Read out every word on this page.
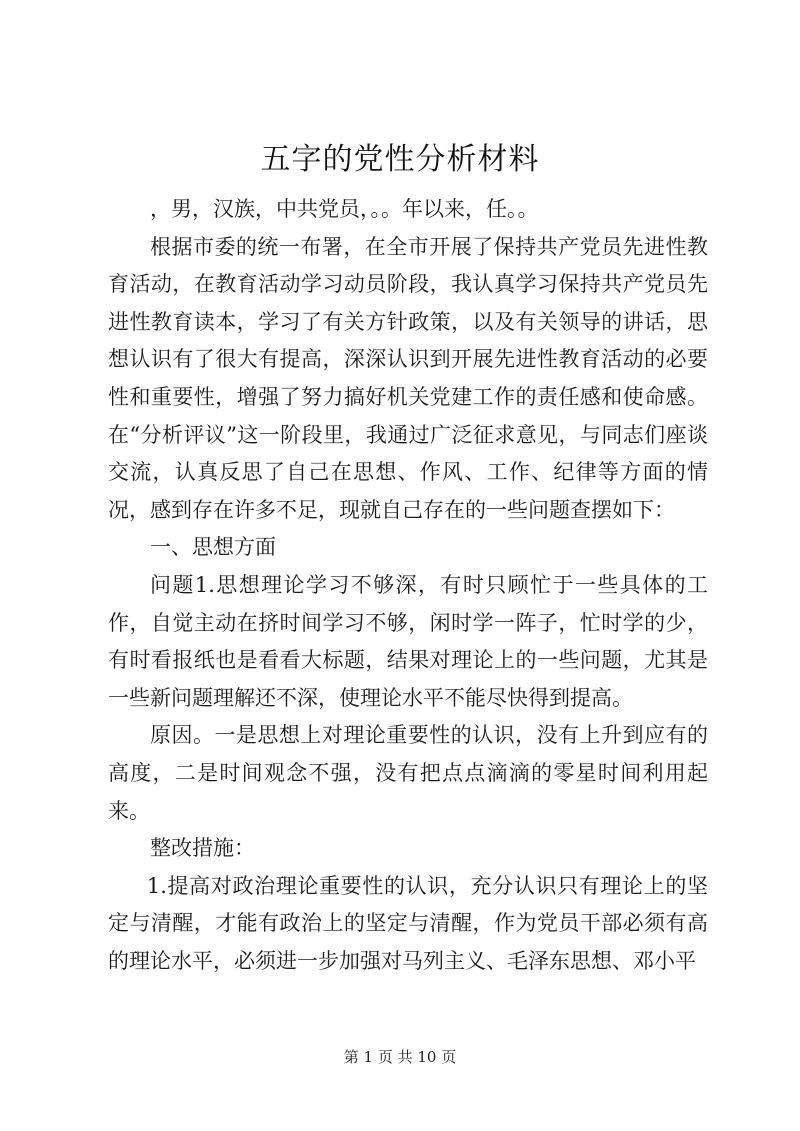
五字的党性分析材料

，男，汉族，中共党员，。。年以来，任。。

根据市委的统一布署，在全市开展了保持共产党员先进性教育活动，在教育活动学习动员阶段，我认真学习保持共产党员先进性教育读本，学习了有关方针政策，以及有关领导的讲话，思想认识有了很大有提高，深深认识到开展先进性教育活动的必要性和重要性，增强了努力搞好机关党建工作的责任感和使命感。在“分析评议”这一阶段里，我通过广泛征求意见，与同志们座谈交流，认真反思了自己在思想、作风、工作、纪律等方面的情况，感到存在许多不足，现就自己存在的一些问题查摆如下：

一、思想方面

问题1.思想理论学习不够深，有时只顾忙于一些具体的工作，自觉主动在挤时间学习不够，闲时学一阵子，忙时学的少，有时看报纸也是看看大标题，结果对理论上的一些问题，尤其是一些新问题理解还不深，使理论水平不能尽快得到提高。

原因。一是思想上对理论重要性的认识，没有上升到应有的高度，二是时间观念不强，没有把点点滴滴的零星时间利用起来。

整改措施：

1.提高对政治理论重要性的认识，充分认识只有理论上的坚定与清醒，才能有政治上的坚定与清醒，作为党员干部必须有高的理论水平，必须进一步加强对马列主义、毛泽东思想、邓小平

第 1 页 共 10 页
